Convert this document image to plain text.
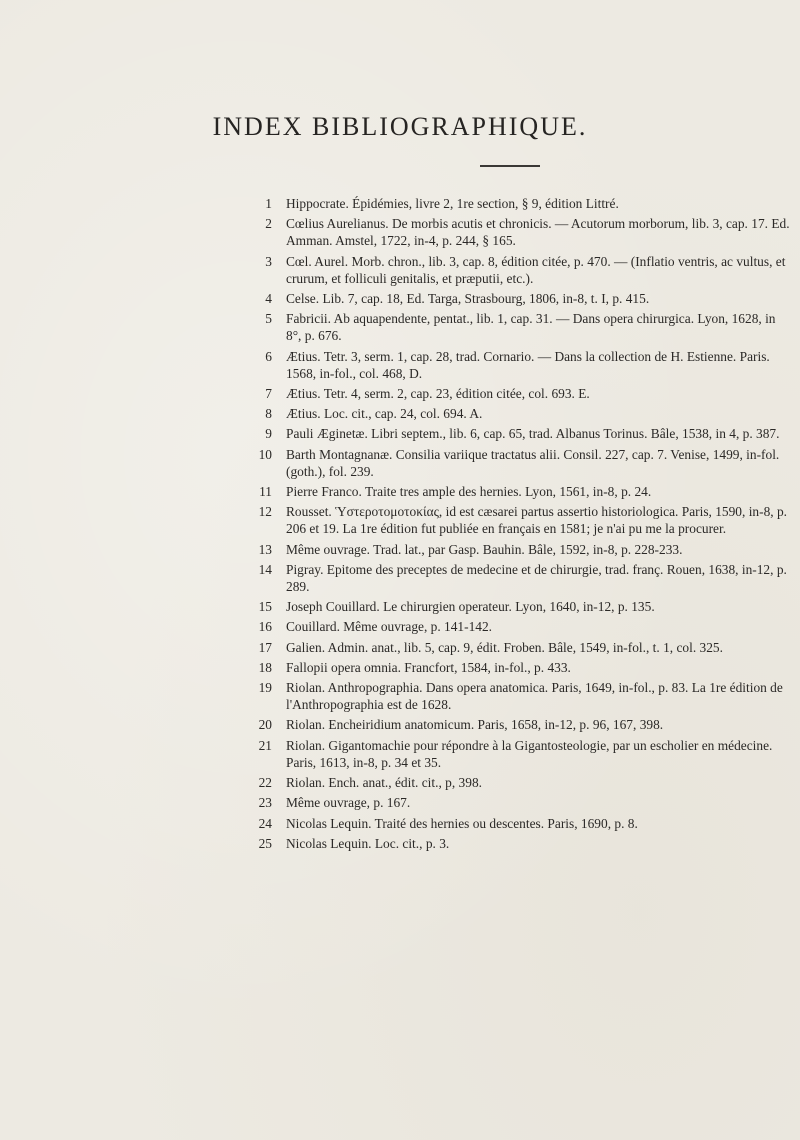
INDEX BIBLIOGRAPHIQUE.
1 Hippocrate. Épidémies, livre 2, 1re section, § 9, édition Littré.
2 Cœlius Aurelianus. De morbis acutis et chronicis. — Acutorum morborum, lib. 3, cap. 17. Ed. Amman. Amstel, 1722, in-4, p. 244, § 165.
3 Cœl. Aurel. Morb. chron., lib. 3, cap. 8, édition citée, p. 470. — (Inflatio ventris, ac vultus, et crurum, et folliculi genitalis, et præputii, etc.).
4 Celse. Lib. 7, cap. 18, Ed. Targa, Strasbourg, 1806, in-8, t. I, p. 415.
5 Fabricii. Ab aquapendente, pentat., lib. 1, cap. 31. — Dans opera chirurgica. Lyon, 1628, in 8°, p. 676.
6 Ætius. Tetr. 3, serm. 1, cap. 28, trad. Cornario. — Dans la collection de H. Estienne. Paris. 1568, in-fol., col. 468, D.
7 Ætius. Tetr. 4, serm. 2, cap. 23, édition citée, col. 693. E.
8 Ætius. Loc. cit., cap. 24, col. 694. A.
9 Pauli Æginetæ. Libri septem., lib. 6, cap. 65, trad. Albanus Torinus. Bâle, 1538, in 4, p. 387.
10 Barth Montagnanæ. Consilia variique tractatus alii. Consil. 227, cap. 7. Venise, 1499, in-fol. (goth.), fol. 239.
11 Pierre Franco. Traite tres ample des hernies. Lyon, 1561, in-8, p. 24.
12 Rousset. Ὑστεροτομοτοκίας, id est cæsarei partus assertio historiologica. Paris, 1590, in-8, p. 206 et 19. La 1re édition fut publiée en français en 1581; je n'ai pu me la procurer.
13 Même ouvrage. Trad. lat., par Gasp. Bauhin. Bâle, 1592, in-8, p. 228-233.
14 Pigray. Epitome des preceptes de medecine et de chirurgie, trad. franç. Rouen, 1638, in-12, p. 289.
15 Joseph Couillard. Le chirurgien operateur. Lyon, 1640, in-12, p. 135.
16 Couillard. Même ouvrage, p. 141-142.
17 Galien. Admin. anat., lib. 5, cap. 9, édit. Froben. Bâle, 1549, in-fol., t. 1, col. 325.
18 Fallopii opera omnia. Francfort, 1584, in-fol., p. 433.
19 Riolan. Anthropographia. Dans opera anatomica. Paris, 1649, in-fol., p. 83. La 1re édition de l'Anthropographia est de 1628.
20 Riolan. Encheiridium anatomicum. Paris, 1658, in-12, p. 96, 167, 398.
21 Riolan. Gigantomachie pour répondre à la Gigantosteologie, par un escholier en médecine. Paris, 1613, in-8, p. 34 et 35.
22 Riolan. Ench. anat., édit. cit., p, 398.
23 Même ouvrage, p. 167.
24 Nicolas Lequin. Traité des hernies ou descentes. Paris, 1690, p. 8.
25 Nicolas Lequin. Loc. cit., p. 3.
